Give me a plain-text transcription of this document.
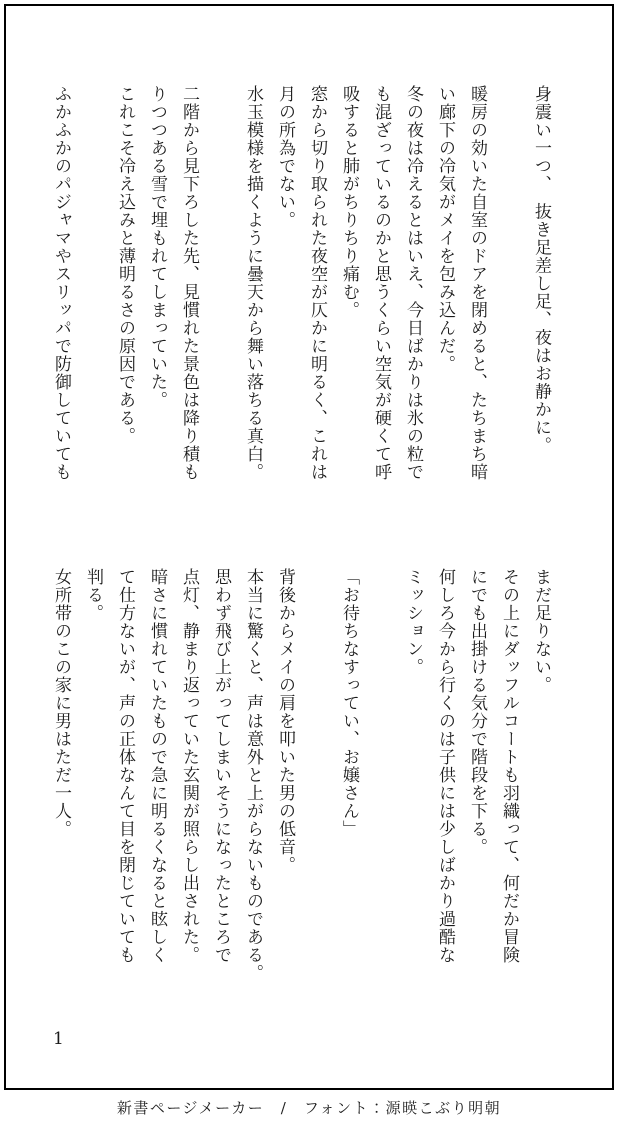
身震い一つ、　抜き足差し足、夜はお静かに。

暖房の効いた自室のドアを閉めると、たちまち暗
い廊下の冷気がメイを包み込んだ。
冬の夜は冷えるとはいえ、今日ばかりは氷の粒で
も混ざっているのかと思うくらい空気が硬くて呼
吸すると肺がちりちり痛む。
窓から切り取られた夜空が仄かに明るく、これは
月の所為でない。
水玉模様を描くように曇天から舞い落ちる真白。

二階から見下ろした先、見慣れた景色は降り積も
りつつある雪で埋もれてしまっていた。
これこそ冷え込みと薄明るさの原因である。

ふかふかのパジャマやスリッパで防御していても
まだ足りない。
その上にダッフルコートも羽織って、何だか冒険
にでも出掛ける気分で階段を下る。
何しろ今から行くのは子供には少しばかり過酷な
ミッション。

「お待ちなすってい、お嬢さん」

背後からメイの肩を叩いた男の低音。
本当に驚くと、声は意外と上がらないものである。
思わず飛び上がってしまいそうになったところで
点灯、静まり返っていた玄関が照らし出された。
暗さに慣れていたもので急に明るくなると眩しく
て仕方ないが、声の正体なんて目を閉じていても
判る。
女所帯のこの家に男はただ一人。
1
新書ページメーカー　/　フォント：源暎こぶり明朝
